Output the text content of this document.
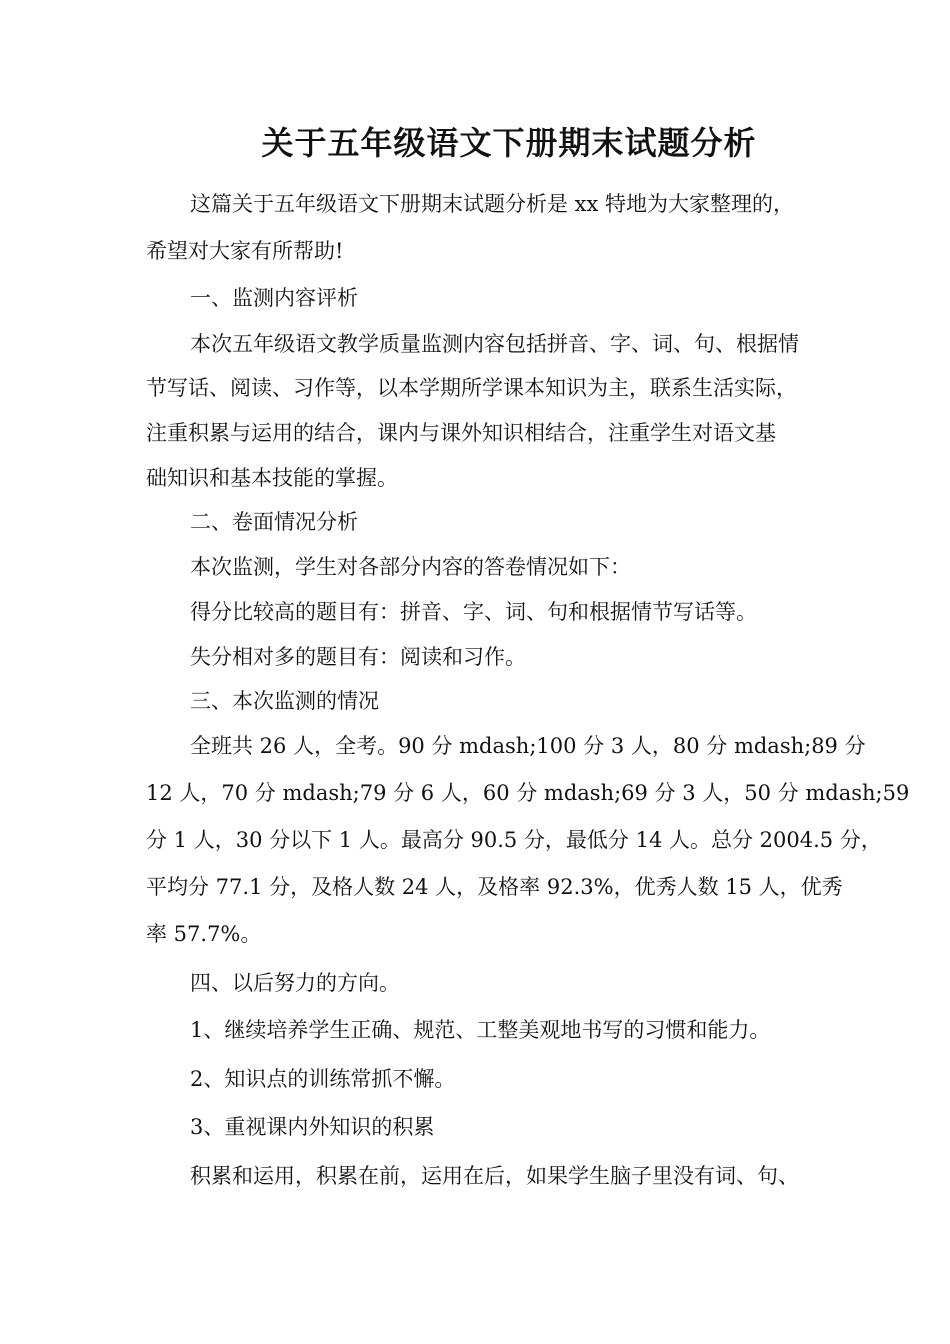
关于五年级语文下册期末试题分析

这篇关于五年级语文下册期末试题分析是 xx 特地为大家整理的，

希望对大家有所帮助!

一、监测内容评析

本次五年级语文教学质量监测内容包括拼音、字、词、句、根据情

节写话、阅读、习作等，以本学期所学课本知识为主，联系生活实际，

注重积累与运用的结合，课内与课外知识相结合，注重学生对语文基

础知识和基本技能的掌握。

二、卷面情况分析

本次监测，学生对各部分内容的答卷情况如下：

得分比较高的题目有：拼音、字、词、句和根据情节写话等。

失分相对多的题目有：阅读和习作。

三、本次监测的情况

全班共 26 人，全考。90 分 mdash;100 分 3 人，80 分 mdash;89 分

12 人，70 分 mdash;79 分 6 人，60 分 mdash;69 分 3 人，50 分 mdash;59

分 1 人，30 分以下 1 人。最高分 90.5 分，最低分 14 人。总分 2004.5 分，

平均分 77.1 分，及格人数 24 人，及格率 92.3%，优秀人数 15 人，优秀

率 57.7%。

四、以后努力的方向。

1、继续培养学生正确、规范、工整美观地书写的习惯和能力。

2、知识点的训练常抓不懈。

3、重视课内外知识的积累

积累和运用，积累在前，运用在后，如果学生脑子里没有词、句、
